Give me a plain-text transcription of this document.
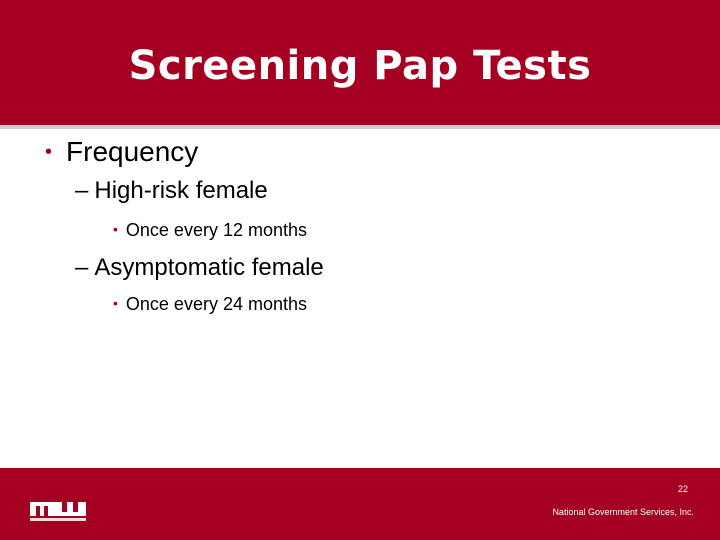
Screening Pap Tests
• Frequency
– High-risk female
• Once every 12 months
– Asymptomatic female
• Once every 24 months
22
National Government Services, Inc.
